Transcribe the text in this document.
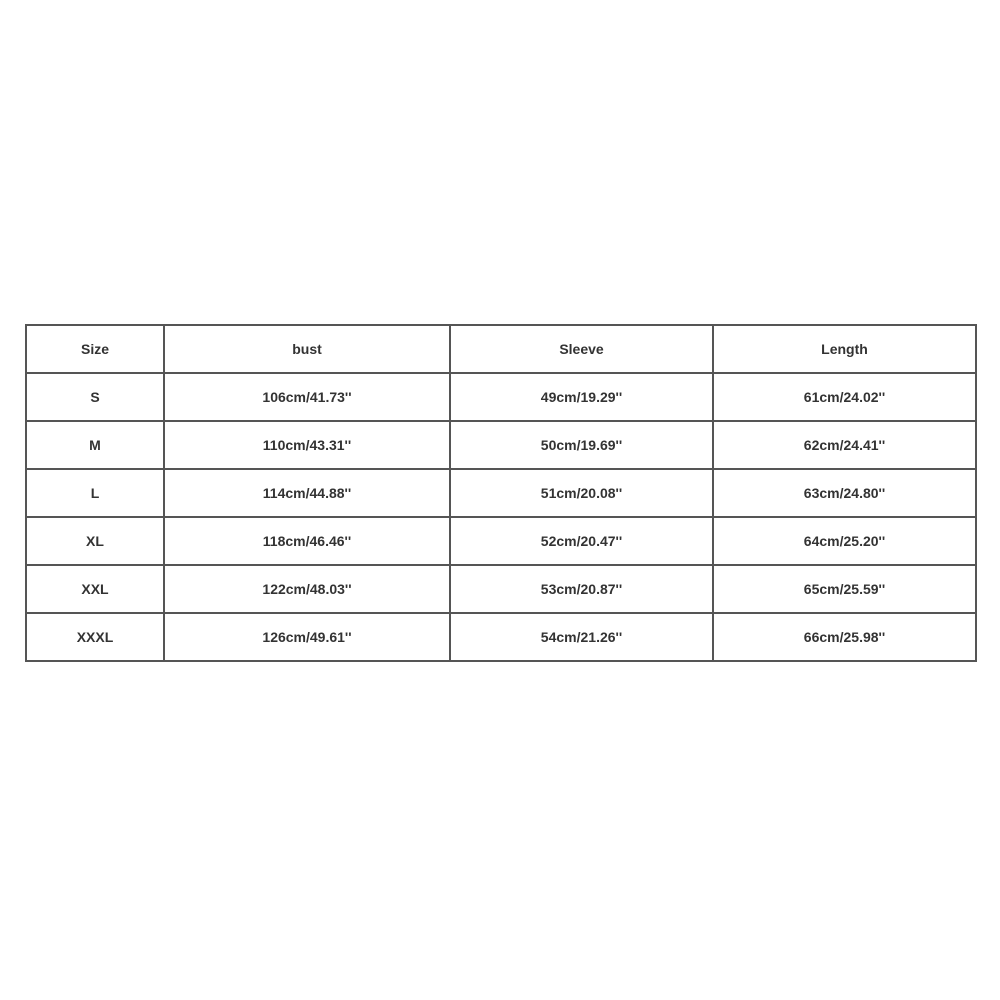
Size	bust	Sleeve	Length
S	106cm/41.73''	49cm/19.29''	61cm/24.02''
M	110cm/43.31''	50cm/19.69''	62cm/24.41''
L	114cm/44.88''	51cm/20.08''	63cm/24.80''
XL	118cm/46.46''	52cm/20.47''	64cm/25.20''
XXL	122cm/48.03''	53cm/20.87''	65cm/25.59''
XXXL	126cm/49.61''	54cm/21.26''	66cm/25.98''
